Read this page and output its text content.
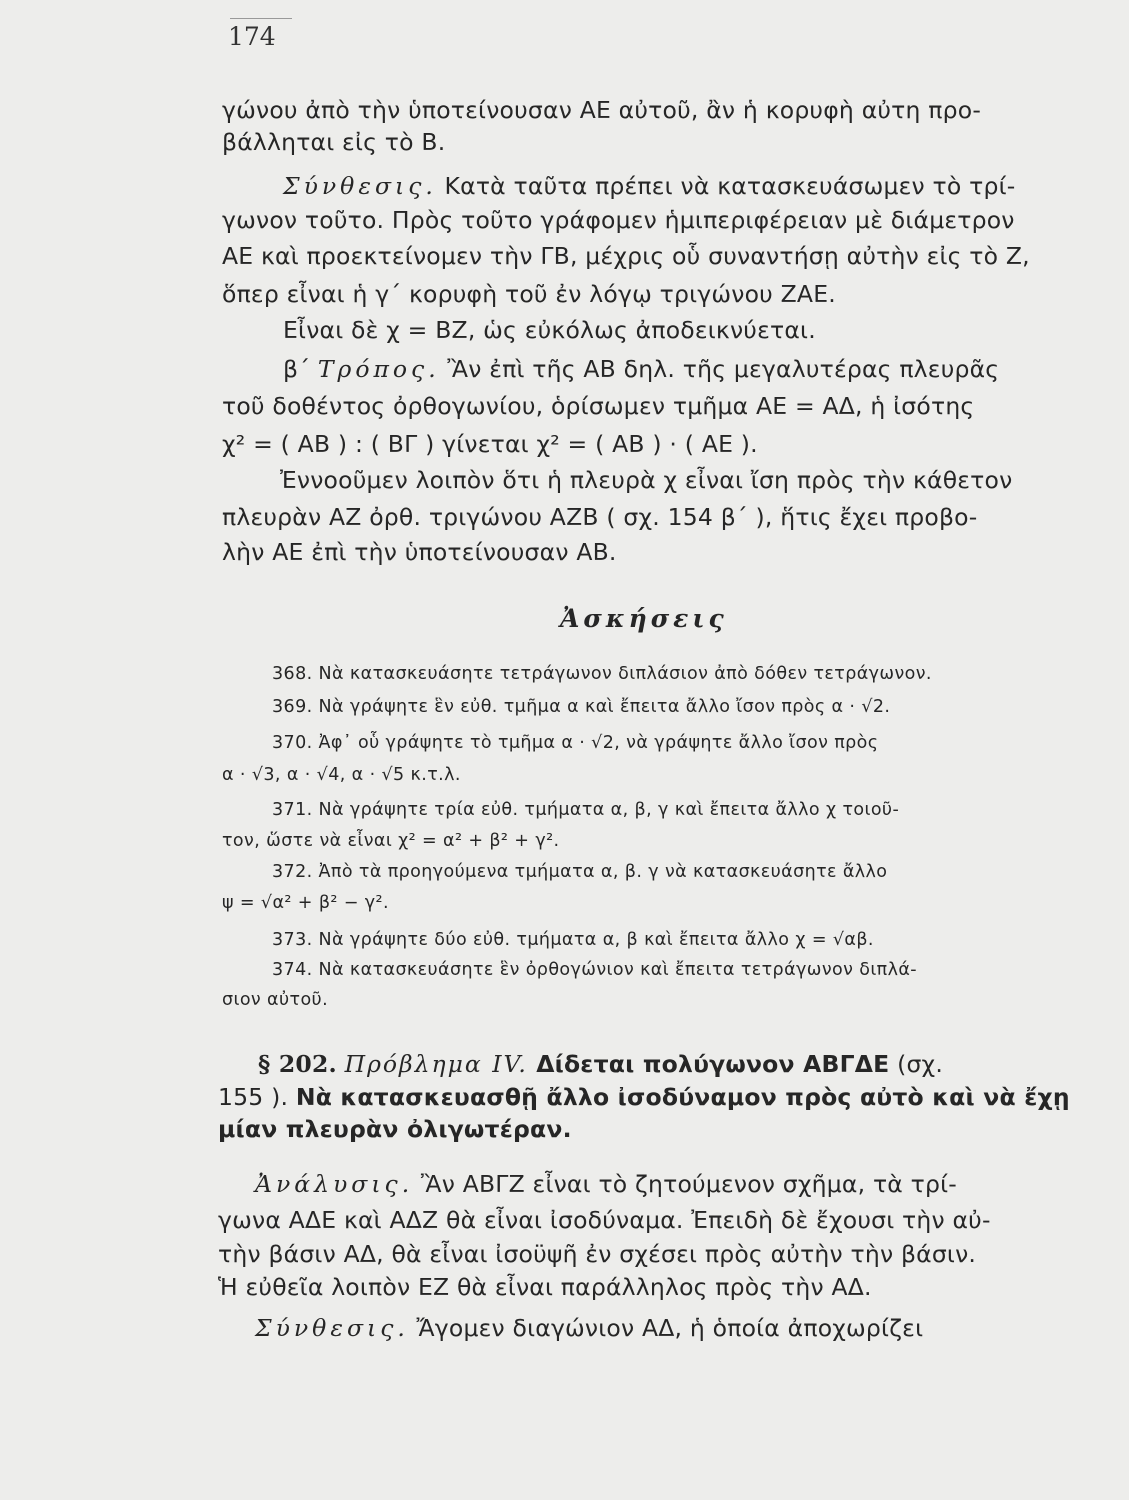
174
γώνου ἀπὸ τὴν ὑποτείνουσαν ΑΕ αὐτοῦ, ἂν ἡ κορυφὴ αὐτη προ-
βάλληται εἰς τὸ Β.
Σύνθεσις. Κατὰ ταῦτα πρέπει νὰ κατασκευάσωμεν τὸ τρί-
γωνον τοῦτο. Πρὸς τοῦτο γράφομεν ἡμιπεριφέρειαν μὲ διάμετρον
ΑΕ καὶ προεκτείνομεν τὴν ΓΒ, μέχρις οὗ συναντήσῃ αὐτὴν εἰς τὸ Ζ,
ὅπερ εἶναι ἡ γ΄ κορυφὴ τοῦ ἐν λόγῳ τριγώνου ΖΑΕ.
Εἶναι δὲ χ = ΒΖ, ὡς εὐκόλως ἀποδεικνύεται.
β΄ Τρόπος. Ἂν ἐπὶ τῆς ΑΒ δηλ. τῆς μεγαλυτέρας πλευρᾶς
τοῦ δοθέντος ὀρθογωνίου, ὁρίσωμεν τμῆμα ΑΕ = ΑΔ, ἡ ἰσότης
χ² = ( ΑΒ ) : ( ΒΓ ) γίνεται χ² = ( ΑΒ ) · ( ΑΕ ).
Ἐννοοῦμεν λοιπὸν ὅτι ἡ πλευρὰ χ εἶναι ἴση πρὸς τὴν κάθετον
πλευρὰν ΑΖ ὀρθ. τριγώνου ΑΖΒ ( σχ. 154 β΄ ), ἥτις ἔχει προβο-
λὴν ΑΕ ἐπὶ τὴν ὑποτείνουσαν ΑΒ.
Ἀσκήσεις
368. Νὰ κατασκευάσητε τετράγωνον διπλάσιον ἀπὸ δόθεν τετράγωνον.
369. Νὰ γράψητε ἓν εὐθ. τμῆμα α καὶ ἔπειτα ἄλλο ἴσον πρὸς α · √2.
370. Ἀφ᾽ οὗ γράψητε τὸ τμῆμα α · √2, νὰ γράψητε ἄλλο ἴσον πρὸς
α · √3, α · √4, α · √5 κ.τ.λ.
371. Νὰ γράψητε τρία εὐθ. τμήματα α, β, γ καὶ ἔπειτα ἄλλο χ τοιοῦ-
τον, ὥστε νὰ εἶναι χ² = α² + β² + γ².
372. Ἀπὸ τὰ προηγούμενα τμήματα α, β. γ νὰ κατασκευάσητε ἄλλο
ψ = √α² + β² − γ².
373. Νὰ γράψητε δύο εὐθ. τμήματα α, β καὶ ἔπειτα ἄλλο χ = √αβ.
374. Νὰ κατασκευάσητε ἓν ὀρθογώνιον καὶ ἔπειτα τετράγωνον διπλά-
σιον αὐτοῦ.
§ 202. Πρόβλημα IV. Δίδεται πολύγωνον ΑΒΓΔΕ (σχ.
155 ). Νὰ κατασκευασθῇ ἄλλο ἰσοδύναμον πρὸς αὐτὸ καὶ νὰ ἔχῃ
μίαν πλευρὰν ὀλιγωτέραν.
Ἀνάλυσις. Ἂν ΑΒΓΖ εἶναι τὸ ζητούμενον σχῆμα, τὰ τρί-
γωνα ΑΔΕ καὶ ΑΔΖ θὰ εἶναι ἰσοδύναμα. Ἐπειδὴ δὲ ἔχουσι τὴν αὐ-
τὴν βάσιν ΑΔ, θὰ εἶναι ἰσοϋψῆ ἐν σχέσει πρὸς αὐτὴν τὴν βάσιν.
Ἡ εὐθεῖα λοιπὸν ΕΖ θὰ εἶναι παράλληλος πρὸς τὴν ΑΔ.
Σύνθεσις. Ἄγομεν διαγώνιον ΑΔ, ἡ ὁποία ἀποχωρίζει
